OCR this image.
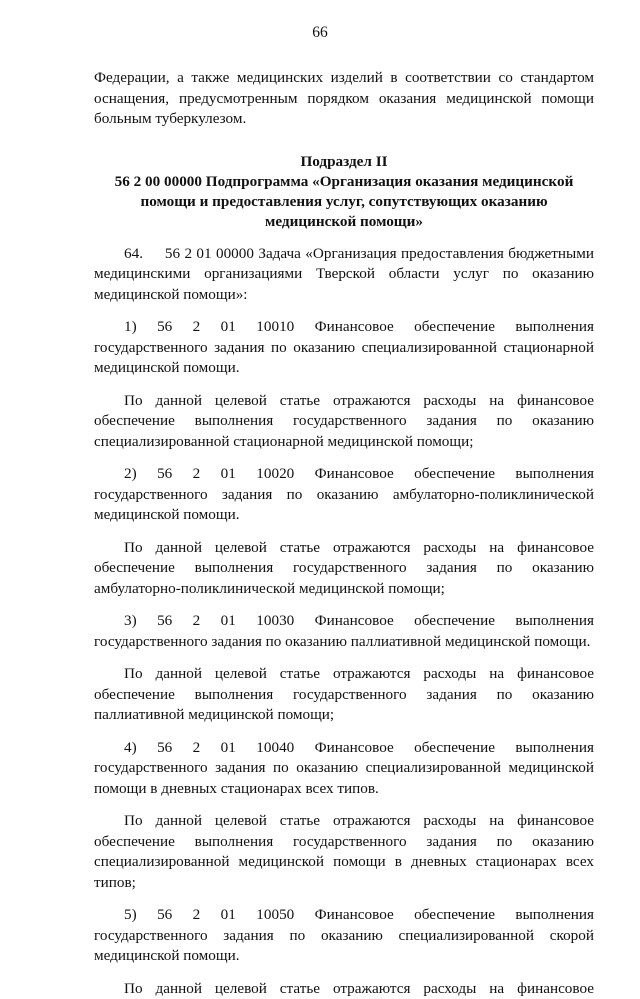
66

Федерации, а также медицинских изделий в соответствии со стандартом оснащения, предусмотренным порядком оказания медицинской помощи больным туберкулезом.

Подраздел II

56 2 00 00000 Подпрограмма «Организация оказания медицинской помощи и предоставления услуг, сопутствующих оказанию медицинской помощи»

64.     56 2 01 00000 Задача «Организация предоставления бюджетными медицинскими организациями Тверской области услуг по оказанию медицинской помощи»:

1) 56 2 01 10010 Финансовое обеспечение выполнения государственного задания по оказанию специализированной стационарной медицинской помощи.

По данной целевой статье отражаются расходы на финансовое обеспечение выполнения государственного задания по оказанию специализированной стационарной медицинской помощи;

2) 56 2 01 10020 Финансовое обеспечение выполнения государственного задания по оказанию амбулаторно-поликлинической медицинской помощи.

По данной целевой статье отражаются расходы на финансовое обеспечение выполнения государственного задания по оказанию амбулаторно-поликлинической медицинской помощи;

3) 56 2 01 10030 Финансовое обеспечение выполнения государственного задания по оказанию паллиативной медицинской помощи.

По данной целевой статье отражаются расходы на финансовое обеспечение выполнения государственного задания по оказанию паллиативной медицинской помощи;

4) 56 2 01 10040 Финансовое обеспечение выполнения государственного задания по оказанию специализированной медицинской помощи в дневных стационарах всех типов.

По данной целевой статье отражаются расходы на финансовое обеспечение выполнения государственного задания по оказанию специализированной медицинской помощи в дневных стационарах всех типов;

5) 56 2 01 10050 Финансовое обеспечение выполнения государственного задания по оказанию специализированной скорой медицинской помощи.

По данной целевой статье отражаются расходы на финансовое
